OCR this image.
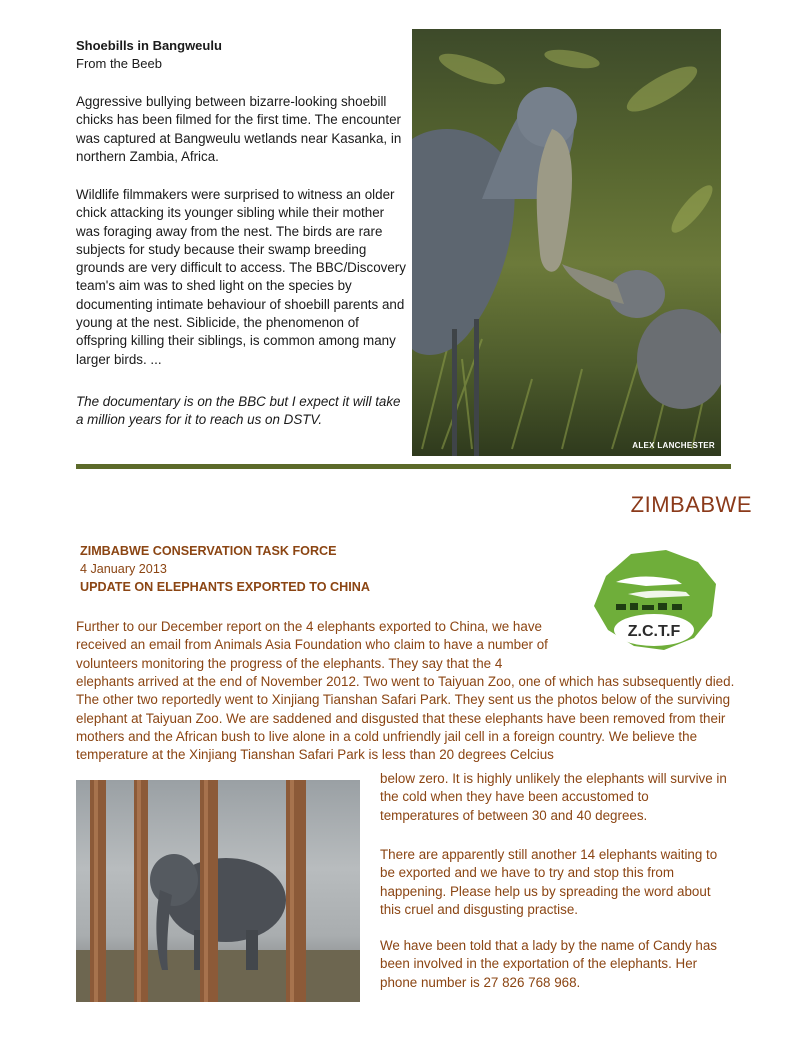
Shoebills in Bangweulu
From the Beeb

Aggressive bullying between bizarre-looking shoebill chicks has been filmed for the first time. The encounter was captured at Bangweulu wetlands near Kasanka, in northern Zambia, Africa.

Wildlife filmmakers were surprised to witness an older chick attacking its younger sibling while their mother was foraging away from the nest. The birds are rare subjects for study because their swamp breeding grounds are very difficult to access. The BBC/Discovery team's aim was to shed light on the species by documenting intimate behaviour of shoebill parents and young at the nest. Siblicide, the phenomenon of offspring killing their siblings, is common among many larger birds. ...

The documentary is on the BBC but I expect it will take a million years for it to reach us on DSTV.

ALEX LANCHESTER
ZIMBABWE
ZIMBABWE CONSERVATION TASK FORCE
4 January 2013
UPDATE ON ELEPHANTS EXPORTED TO CHINA
Z.C.T.F

Further to our December report on the 4 elephants exported to China, we have received an email from Animals Asia Foundation who claim to have a number of volunteers monitoring the progress of the elephants. They say that the 4

elephants arrived at the end of November 2012. Two went to Taiyuan Zoo, one of which has subsequently died. The other two reportedly went to Xinjiang Tianshan Safari Park. They sent us the photos below of the surviving elephant at Taiyuan Zoo. We are saddened and disgusted that these elephants have been removed from their mothers and the African bush to live alone in a cold unfriendly jail cell in a foreign country. We believe the temperature at the Xinjiang Tianshan Safari Park is less than 20 degrees Celcius

below zero. It is highly unlikely the elephants will survive in the cold when they have been accustomed to temperatures of between 30 and 40 degrees.

There are apparently still another 14 elephants waiting to be exported and we have to try and stop this from happening. Please help us by spreading the word about this cruel and disgusting practise.

We have been told that a lady by the name of Candy has been involved in the exportation of the elephants. Her phone number is 27 826 768 968.
